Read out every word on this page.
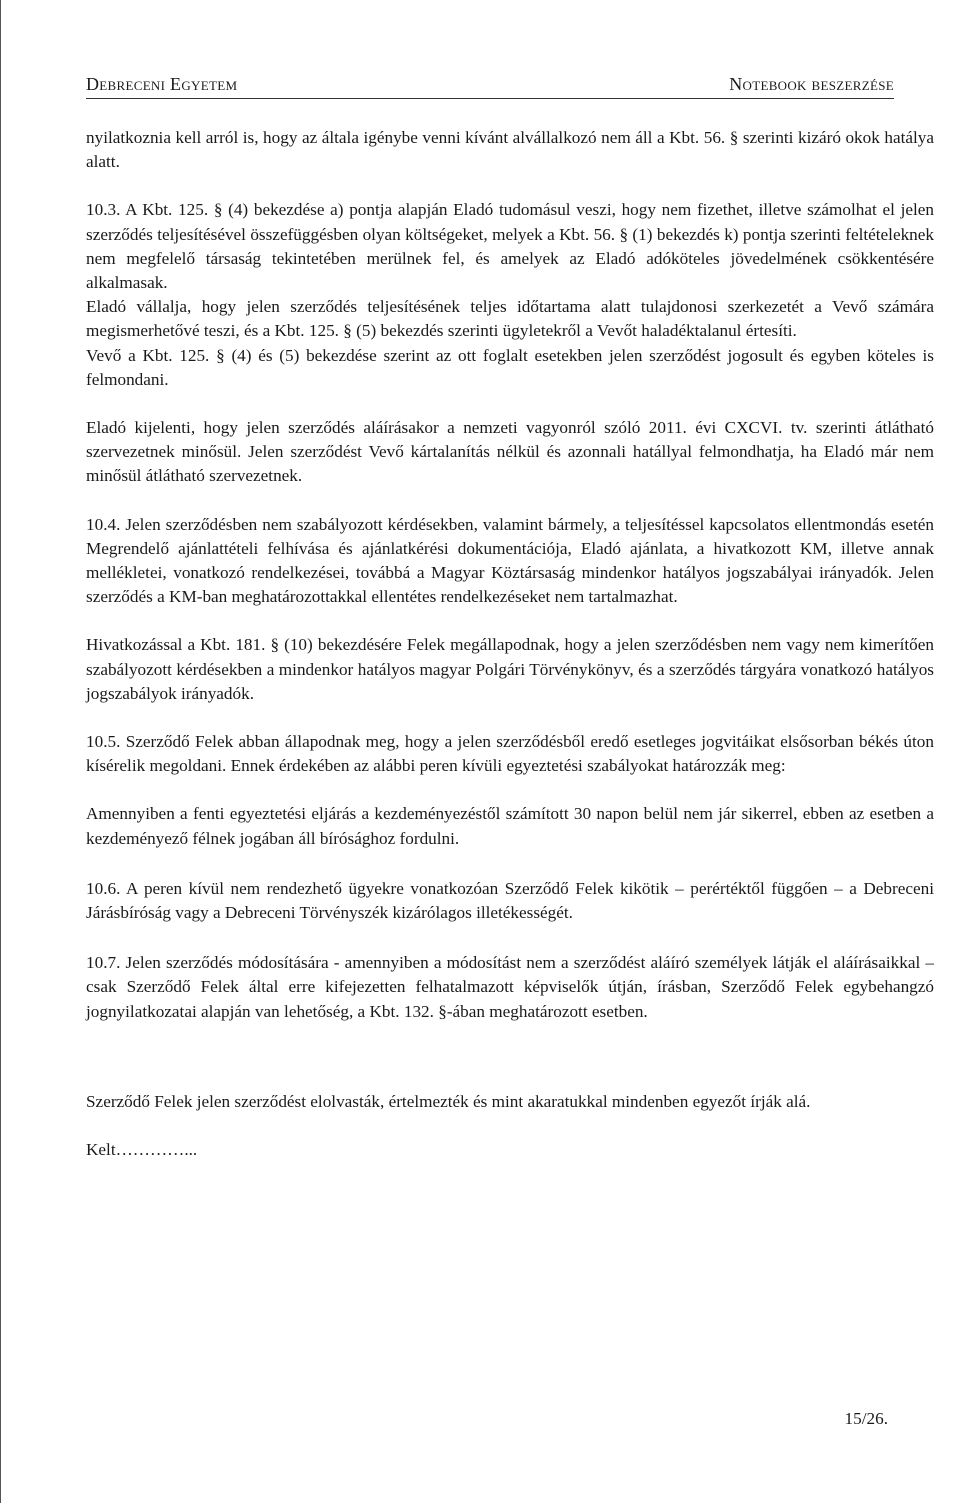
Debreceni Egyetem	Notebook beszerzése

nyilatkoznia kell arról is, hogy az általa igénybe venni kívánt alvállalkozó nem áll a Kbt. 56. § szerinti kizáró okok hatálya alatt.

10.3. A Kbt. 125. § (4) bekezdése a) pontja alapján Eladó tudomásul veszi, hogy nem fizethet, illetve számolhat el jelen szerződés teljesítésével összefüggésben olyan költségeket, melyek a Kbt. 56. § (1) bekezdés k) pontja szerinti feltételeknek nem megfelelő társaság tekintetében merülnek fel, és amelyek az Eladó adóköteles jövedelmének csökkentésére alkalmasak.

Eladó vállalja, hogy jelen szerződés teljesítésének teljes időtartama alatt tulajdonosi szerkezetét a Vevő számára megismerhetővé teszi, és a Kbt. 125. § (5) bekezdés szerinti ügyletekről a Vevőt haladéktalanul értesíti.

Vevő a Kbt. 125. § (4) és (5) bekezdése szerint az ott foglalt esetekben jelen szerződést jogosult és egyben köteles is felmondani.

Eladó kijelenti, hogy jelen szerződés aláírásakor a nemzeti vagyonról szóló 2011. évi CXCVI. tv. szerinti átlátható szervezetnek minősül. Jelen szerződést Vevő kártalanítás nélkül és azonnali hatállyal felmondhatja, ha Eladó már nem minősül átlátható szervezetnek.

10.4. Jelen szerződésben nem szabályozott kérdésekben, valamint bármely, a teljesítéssel kapcsolatos ellentmondás esetén Megrendelő ajánlattételi felhívása és ajánlatkérési dokumentációja, Eladó ajánlata, a hivatkozott KM, illetve annak mellékletei, vonatkozó rendelkezései, továbbá a Magyar Köztársaság mindenkor hatályos jogszabályai irányadók. Jelen szerződés a KM-ban meghatározottakkal ellentétes rendelkezéseket nem tartalmazhat.

Hivatkozással a Kbt. 181. § (10) bekezdésére Felek megállapodnak, hogy a jelen szerződésben nem vagy nem kimerítően szabályozott kérdésekben a mindenkor hatályos magyar Polgári Törvénykönyv, és a szerződés tárgyára vonatkozó hatályos jogszabályok irányadók.

10.5. Szerződő Felek abban állapodnak meg, hogy a jelen szerződésből eredő esetleges jogvitáikat elsősorban békés úton kísérelik megoldani. Ennek érdekében az alábbi peren kívüli egyeztetési szabályokat határozzák meg:

Amennyiben a fenti egyeztetési eljárás a kezdeményezéstől számított 30 napon belül nem jár sikerrel, ebben az esetben a kezdeményező félnek jogában áll bírósághoz fordulni.

10.6. A peren kívül nem rendezhető ügyekre vonatkozóan Szerződő Felek kikötik – perértéktől függően – a Debreceni Járásbíróság vagy a Debreceni Törvényszék kizárólagos illetékességét.

10.7. Jelen szerződés módosítására - amennyiben a módosítást nem a szerződést aláíró személyek látják el aláírásaikkal – csak Szerződő Felek által erre kifejezetten felhatalmazott képviselők útján, írásban, Szerződő Felek egybehangzó jognyilatkozatai alapján van lehetőség, a Kbt. 132. §-ában meghatározott esetben.

Szerződő Felek jelen szerződést elolvasták, értelmezték és mint akaratukkal mindenben egyezőt írják alá.

Kelt…………...

15/26.
